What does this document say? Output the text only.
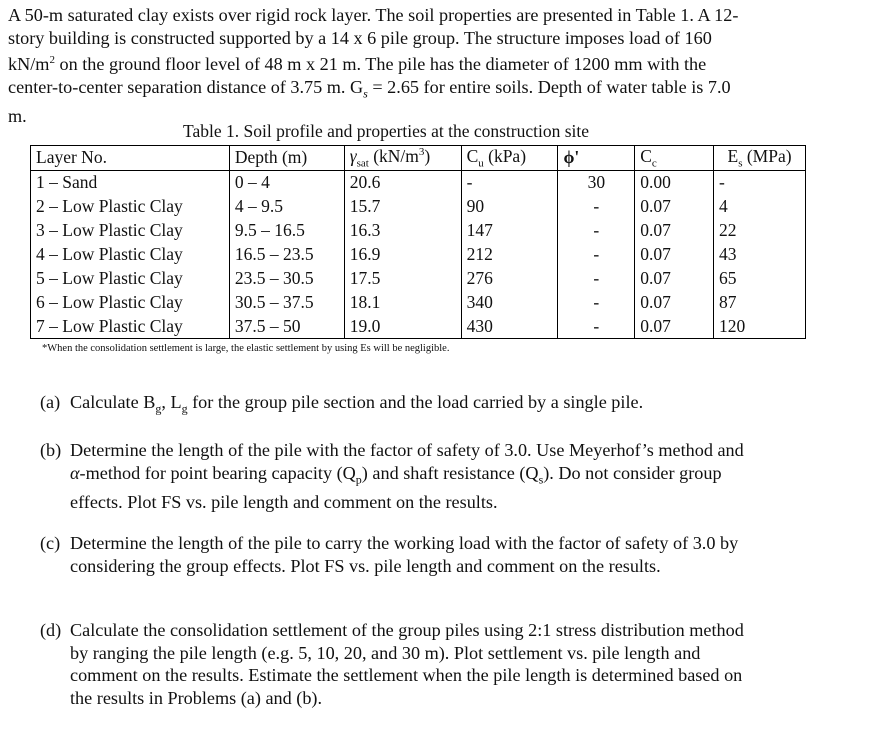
A 50-m saturated clay exists over rigid rock layer. The soil properties are presented in Table 1. A 12-
story building is constructed supported by a 14 x 6 pile group. The structure imposes load of 160
$kN/m^2$ on the ground floor level of 48 m x 21 m. The pile has the diameter of 1200 mm with the
center-to-center separation distance of 3.75 m. $G_s = 2.65$ for entire soils. Depth of water table is 7.0
m.

Table 1. Soil profile and properties at the construction site
Layer No.	Depth (m)	$\gamma_{sat}$ $(kN/m^3)$	$C_u$ (kPa)	ϕ'	$C_c$	$E_s$ (MPa)
1 – Sand	0 – 4	20.6	-	30	0.00	-
2 – Low Plastic Clay	4 – 9.5	15.7	90	-	0.07	4
3 – Low Plastic Clay	9.5 – 16.5	16.3	147	-	0.07	22
4 – Low Plastic Clay	16.5 – 23.5	16.9	212	-	0.07	43
5 – Low Plastic Clay	23.5 – 30.5	17.5	276	-	0.07	65
6 – Low Plastic Clay	30.5 – 37.5	18.1	340	-	0.07	87
7 – Low Plastic Clay	37.5 – 50	19.0	430	-	0.07	120
*When the consolidation settlement is large, the elastic settlement by using Es will be negligible.
(a) Calculate $B_g$, $L_g$ for the group pile section and the load carried by a single pile.
(b) Determine the length of the pile with the factor of safety of 3.0. Use Meyerhof’s method and
α-method for point bearing capacity $(Q_p)$ and shaft resistance $(Q_s)$. Do not consider group
effects. Plot FS vs. pile length and comment on the results.
(c) Determine the length of the pile to carry the working load with the factor of safety of 3.0 by
considering the group effects. Plot FS vs. pile length and comment on the results.
(d) Calculate the consolidation settlement of the group piles using 2:1 stress distribution method
by ranging the pile length (e.g. 5, 10, 20, and 30 m). Plot settlement vs. pile length and
comment on the results. Estimate the settlement when the pile length is determined based on
the results in Problems (a) and (b).
